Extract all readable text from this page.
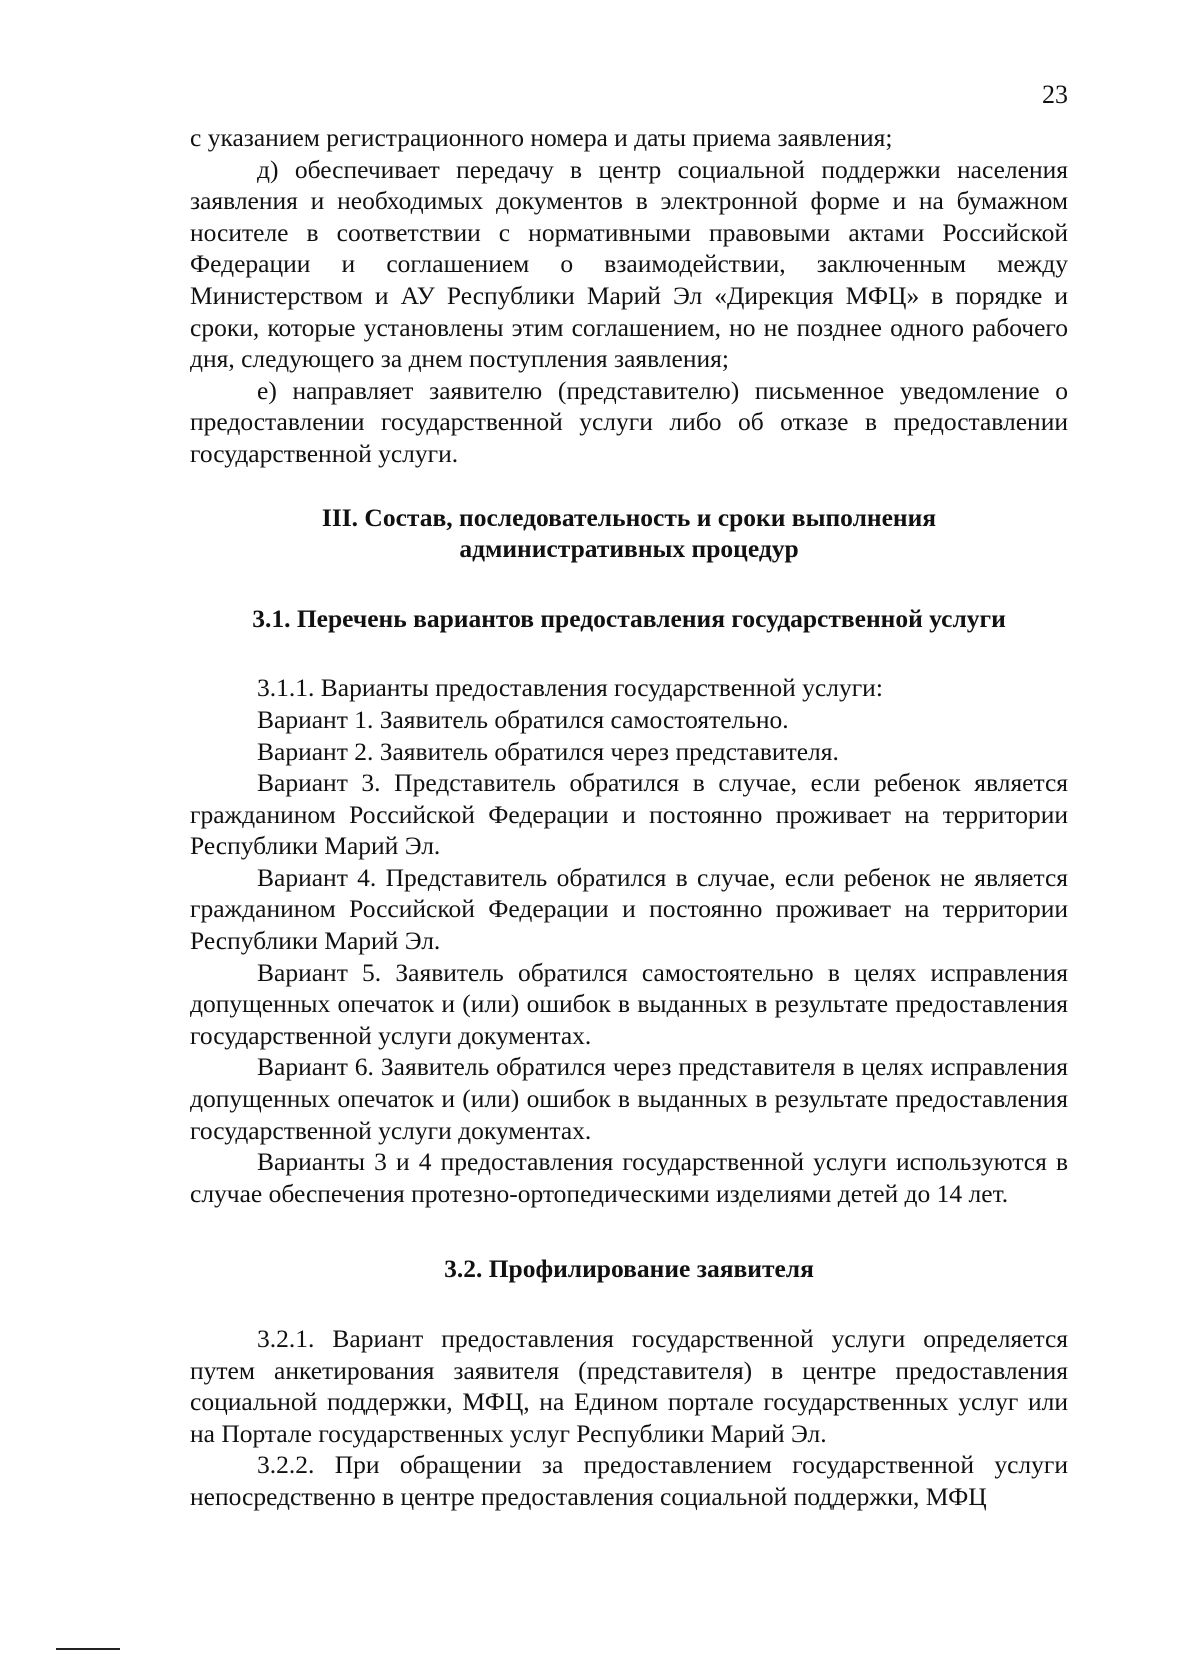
23

с указанием регистрационного номера и даты приема заявления;

д) обеспечивает передачу в центр социальной поддержки населения заявления и необходимых документов в электронной форме и на бумажном носителе в соответствии с нормативными правовыми актами Российской Федерации и соглашением о взаимодействии, заключенным между Министерством и АУ Республики Марий Эл «Дирекция МФЦ» в порядке и сроки, которые установлены этим соглашением, но не позднее одного рабочего дня, следующего за днем поступления заявления;

е) направляет заявителю (представителю) письменное уведомление о предоставлении государственной услуги либо об отказе в предоставлении государственной услуги.

III. Состав, последовательность и сроки выполнения
административных процедур
3.1. Перечень вариантов предоставления государственной услуги

3.1.1. Варианты предоставления государственной услуги:

Вариант 1. Заявитель обратился самостоятельно.

Вариант 2. Заявитель обратился через представителя.

Вариант 3. Представитель обратился в случае, если ребенок является гражданином Российской Федерации и постоянно проживает на территории Республики Марий Эл.

Вариант 4. Представитель обратился в случае, если ребенок не является гражданином Российской Федерации и постоянно проживает на территории Республики Марий Эл.

Вариант 5. Заявитель обратился самостоятельно в целях исправления допущенных опечаток и (или) ошибок в выданных в результате предоставления государственной услуги документах.

Вариант 6. Заявитель обратился через представителя в целях исправления допущенных опечаток и (или) ошибок в выданных в результате предоставления государственной услуги документах.

Варианты 3 и 4 предоставления государственной услуги используются в случае обеспечения протезно-ортопедическими изделиями детей до 14 лет.

3.2. Профилирование заявителя

3.2.1. Вариант предоставления государственной услуги определяется путем анкетирования заявителя (представителя) в центре предоставления социальной поддержки, МФЦ, на Едином портале государственных услуг или на Портале государственных услуг Республики Марий Эл.

3.2.2. При обращении за предоставлением государственной услуги непосредственно в центре предоставления социальной поддержки, МФЦ
